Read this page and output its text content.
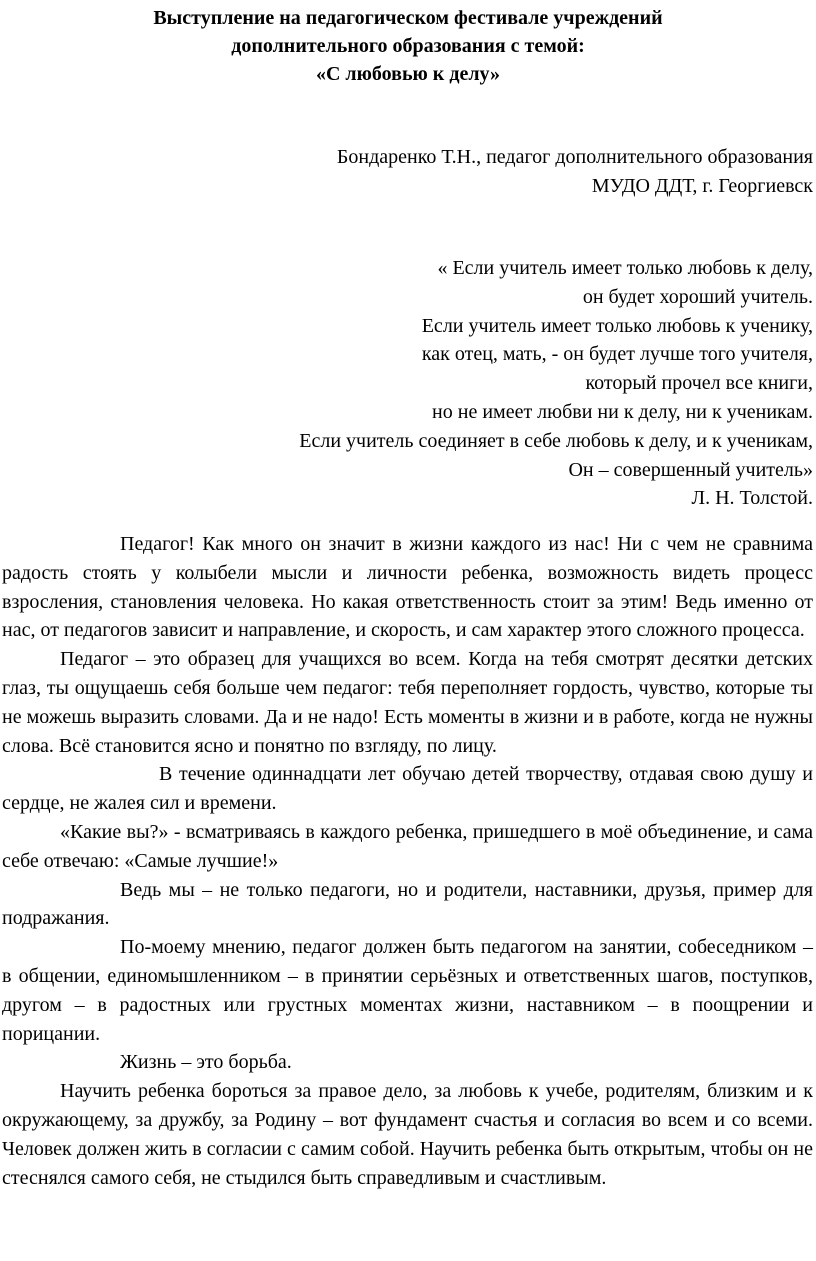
Выступление на педагогическом фестивале учреждений
дополнительного образования с темой:
«С любовью к делу»
Бондаренко Т.Н., педагог дополнительного образования
МУДО ДДТ, г. Георгиевск
« Если учитель имеет только любовь к делу,
он будет хороший учитель.
Если учитель имеет только любовь к ученику,
как отец, мать, - он будет лучше того учителя,
который прочел все книги,
но не имеет любви ни к делу, ни к ученикам.
Если учитель соединяет в себе любовь к делу, и к ученикам,
Он – совершенный учитель»
Л. Н. Толстой.

Педагог! Как много он значит в жизни каждого из нас! Ни с чем не сравнима радость стоять у колыбели мысли и личности ребенка, возможность видеть процесс взросления, становления человека. Но какая ответственность стоит за этим! Ведь именно от нас, от педагогов зависит и направление, и скорость, и сам характер этого сложного процесса.

Педагог – это образец для учащихся во всем. Когда на тебя смотрят десятки детских глаз, ты ощущаешь себя больше чем педагог: тебя переполняет гордость, чувство, которые ты не можешь выразить словами. Да и не надо! Есть моменты в жизни и в работе, когда не нужны слова. Всё становится ясно и понятно по взгляду, по лицу.

В течение одиннадцати лет обучаю детей творчеству, отдавая свою душу и сердце, не жалея сил и времени.

«Какие вы?» - всматриваясь в каждого ребенка, пришедшего в моё объединение, и сама себе отвечаю: «Самые лучшие!»

Ведь мы – не только педагоги, но и родители, наставники, друзья, пример для подражания.

По-моему мнению, педагог должен быть педагогом на занятии, собеседником – в общении, единомышленником – в принятии серьёзных и ответственных шагов, поступков, другом – в радостных или грустных моментах жизни, наставником – в поощрении и порицании.

Жизнь – это борьба.

Научить ребенка бороться за правое дело, за любовь к учебе, родителям, близким и к окружающему, за дружбу, за Родину – вот фундамент счастья и согласия во всем и со всеми. Человек должен жить в согласии с самим собой. Научить ребенка быть открытым, чтобы он не стеснялся самого себя, не стыдился быть справедливым и счастливым.
